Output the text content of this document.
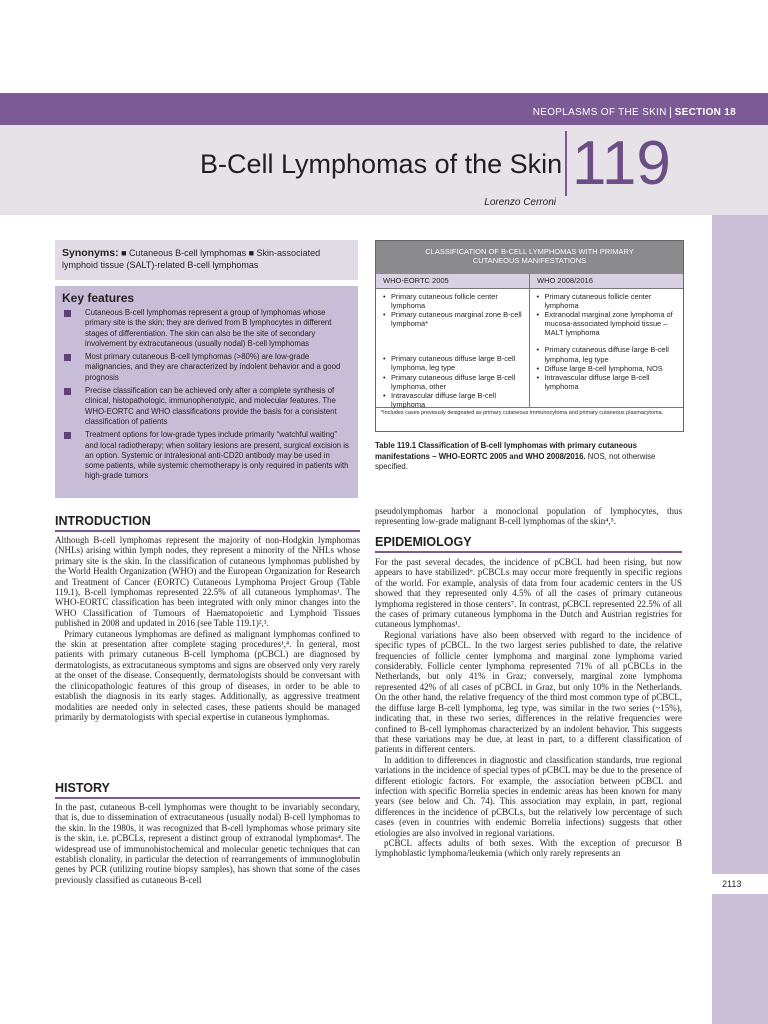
NEOPLASMS OF THE SKIN SECTION 18
119
B-Cell Lymphomas of the Skin
Lorenzo Cerroni
2113
Synonyms: ■ Cutaneous B-cell lymphomas ■ Skin-associated
lymphoid tissue (SALT)-related B-cell lymphomas
Key features
Cutaneous B-cell lymphomas represent a group of lymphomas whose primary site is the skin; they are derived from B lymphocytes in different stages of differentiation. The skin can also be the site of secondary involvement by extracutaneous (usually nodal) B-cell lymphomas
Most primary cutaneous B-cell lymphomas (>80%) are low-grade malignancies, and they are characterized by indolent behavior and a good prognosis
Precise classification can be achieved only after a complete synthesis of clinical, histopathologic, immunophenotypic, and molecular features. The WHO-EORTC and WHO classifications provide the basis for a consistent classification of patients
Treatment options for low-grade types include primarily “watchful waiting” and local radiotherapy; when solitary lesions are present, surgical excision is an option. Systemic or intralesional anti-CD20 antibody may be used in some patients, while systemic chemotherapy is only required in patients with high-grade tumors
CLASSIFICATION OF B-CELL LYMPHOMAS WITH PRIMARY
CUTANEOUS MANIFESTATIONS
WHO-EORTC 2005	WHO 2008/2016
• Primary cutaneous follicle center lymphoma
• Primary cutaneous marginal zone B-cell lymphoma*
• Primary cutaneous diffuse large B-cell lymphoma, leg type
• Primary cutaneous diffuse large B-cell lymphoma, other
• Intravascular diffuse large B-cell lymphoma
• Primary cutaneous follicle center lymphoma
• Extranodal marginal zone lymphoma of mucosa-associated lymphoid tissue – MALT lymphoma
• Primary cutaneous diffuse large B-cell lymphoma, leg type
• Diffuse large B-cell lymphoma, NOS
• Intravascular diffuse large B-cell lymphoma
*Includes cases previously designated as primary cutaneous immunocytoma and primary cutaneous plasmacytoma.
Table 119.1 Classification of B-cell lymphomas with primary cutaneous manifestations – WHO-EORTC 2005 and WHO 2008/2016. NOS, not otherwise specified.
INTRODUCTION

Although B-cell lymphomas represent the majority of non-Hodgkin lymphomas (NHLs) arising within lymph nodes, they represent a minority of the NHLs whose primary site is the skin. In the classification of cutaneous lymphomas published by the World Health Organization (WHO) and the European Organization for Research and Treatment of Cancer (EORTC) Cutaneous Lymphoma Project Group (Table 119.1), B-cell lymphomas represented 22.5% of all cutaneous lymphomas¹. The WHO-EORTC classification has been integrated with only minor changes into the WHO Classification of Tumours of Haematopoietic and Lymphoid Tissues published in 2008 and updated in 2016 (see Table 119.1)²,³.

Primary cutaneous lymphomas are defined as malignant lymphomas confined to the skin at presentation after complete staging procedures¹,⁴. In general, most patients with primary cutaneous B-cell lymphoma (pCBCL) are diagnosed by dermatologists, as extracutaneous symptoms and signs are observed only very rarely at the onset of the disease. Consequently, dermatologists should be conversant with the clinicopathologic features of this group of diseases, in order to be able to establish the diagnosis in its early stages. Additionally, as aggressive treatment modalities are needed only in selected cases, these patients should be managed primarily by dermatologists with special expertise in cutaneous lymphomas.

HISTORY

In the past, cutaneous B-cell lymphomas were thought to be invariably secondary, that is, due to dissemination of extracutaneous (usually nodal) B-cell lymphomas to the skin. In the 1980s, it was recognized that B-cell lymphomas whose primary site is the skin, i.e. pCBCLs, represent a distinct group of extranodal lymphomas⁴. The widespread use of immunohistochemical and molecular genetic techniques that can establish clonality, in particular the detection of rearrangements of immunoglobulin genes by PCR (utilizing routine biopsy samples), has shown that some of the cases previously classified as cutaneous B-cell

pseudolymphomas harbor a monoclonal population of lymphocytes, thus representing low-grade malignant B-cell lymphomas of the skin⁴,⁵.

EPIDEMIOLOGY

For the past several decades, the incidence of pCBCL had been rising, but now appears to have stabilized⁶. pCBCLs may occur more frequently in specific regions of the world. For example, analysis of data from four academic centers in the US showed that they represented only 4.5% of all the cases of primary cutaneous lymphoma registered in those centers⁷. In contrast, pCBCL represented 22.5% of all the cases of primary cutaneous lymphoma in the Dutch and Austrian registries for cutaneous lymphomas¹.

Regional variations have also been observed with regard to the incidence of specific types of pCBCL. In the two largest series published to date, the relative frequencies of follicle center lymphoma and marginal zone lymphoma varied considerably. Follicle center lymphoma represented 71% of all pCBCLs in the Netherlands, but only 41% in Graz; conversely, marginal zone lymphoma represented 42% of all cases of pCBCL in Graz, but only 10% in the Netherlands. On the other hand, the relative frequency of the third most common type of pCBCL, the diffuse large B-cell lymphoma, leg type, was similar in the two series (~15%), indicating that, in these two series, differences in the relative frequencies were confined to B-cell lymphomas characterized by an indolent behavior. This suggests that these variations may be due, at least in part, to a different classification of patients in different centers.

In addition to differences in diagnostic and classification standards, true regional variations in the incidence of special types of pCBCL may be due to the presence of different etiologic factors. For example, the association between pCBCL and infection with specific Borrelia species in endemic areas has been known for many years (see below and Ch. 74). This association may explain, in part, regional differences in the incidence of pCBCLs, but the relatively low percentage of such cases (even in countries with endemic Borrelia infections) suggests that other etiologies are also involved in regional variations.

pCBCL affects adults of both sexes. With the exception of precursor B lymphoblastic lymphoma/leukemia (which only rarely represents an
